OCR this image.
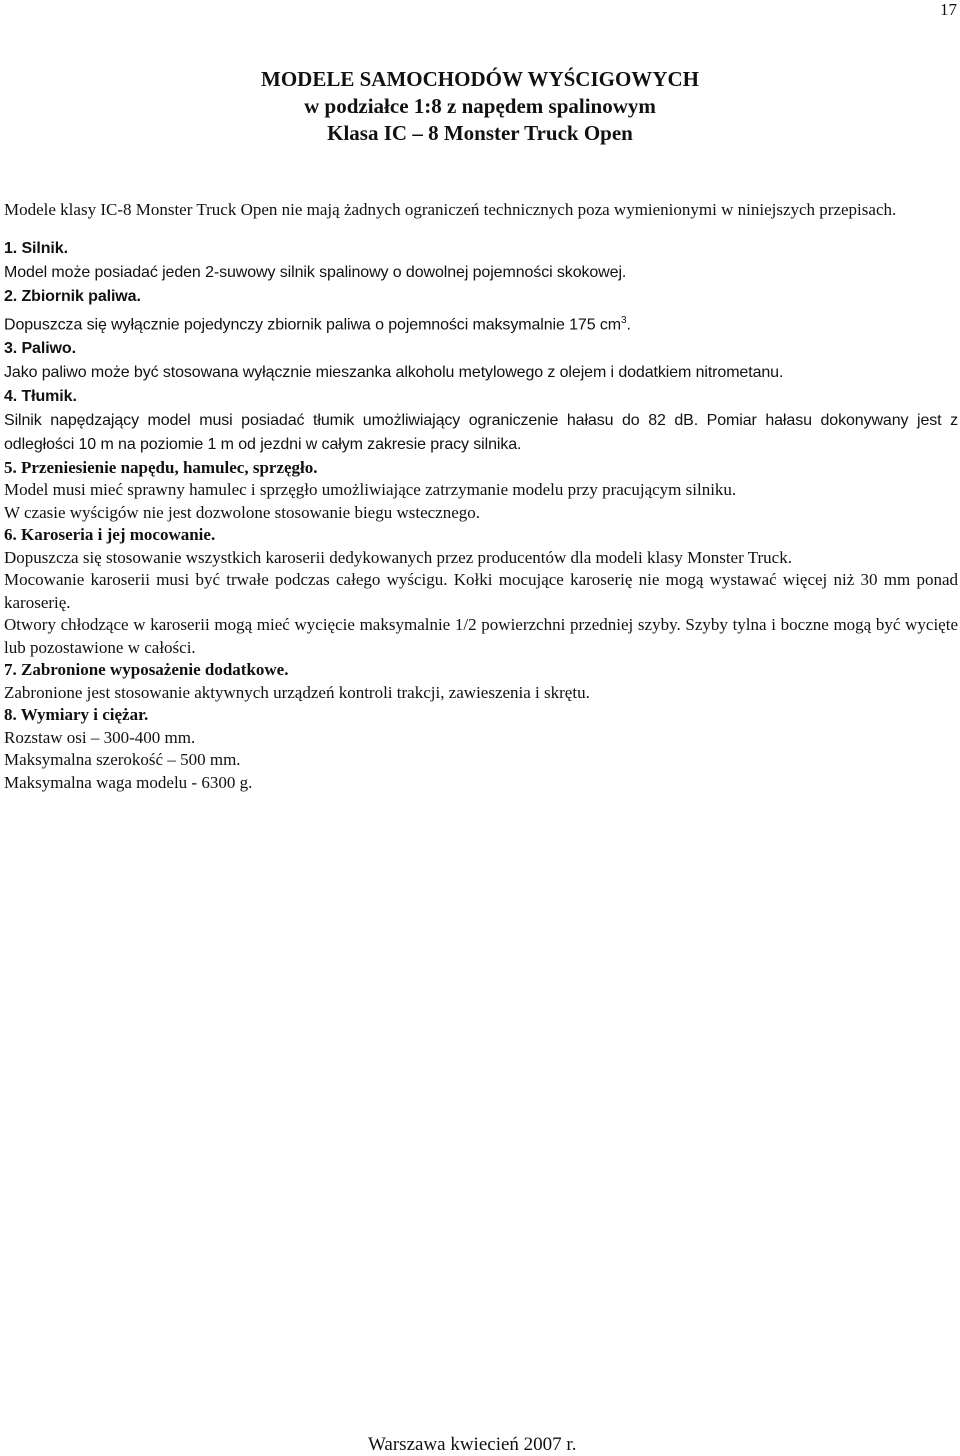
17
MODELE SAMOCHODÓW WYŚCIGOWYCH
w podziałce 1:8 z napędem spalinowym
Klasa IC – 8 Monster Truck Open

Modele klasy IC-8 Monster Truck Open nie mają żadnych ograniczeń technicznych poza wymienionymi w niniejszych przepisach.

1. Silnik.

Model może posiadać jeden 2-suwowy silnik spalinowy o dowolnej pojemności skokowej.

2. Zbiornik paliwa.

Dopuszcza się wyłącznie pojedynczy zbiornik paliwa o pojemności maksymalnie 175 $cm^3$.

3. Paliwo.

Jako paliwo może być stosowana wyłącznie mieszanka alkoholu metylowego z olejem i dodatkiem nitrometanu.

4. Tłumik.

Silnik napędzający model musi posiadać tłumik umożliwiający ograniczenie hałasu do 82 dB. Pomiar hałasu dokonywany jest z odległości 10 m na poziomie 1 m od jezdni w całym zakresie pracy silnika.

5. Przeniesienie napędu, hamulec, sprzęgło.

Model musi mieć sprawny hamulec i sprzęgło umożliwiające zatrzymanie modelu przy pracującym silniku.

W czasie wyścigów nie jest dozwolone stosowanie biegu wstecznego.

6. Karoseria i jej mocowanie.

Dopuszcza się stosowanie wszystkich karoserii dedykowanych przez producentów dla modeli klasy Monster Truck.

Mocowanie karoserii musi być trwałe podczas całego wyścigu. Kołki mocujące karoserię nie mogą wystawać więcej niż 30 mm ponad karoserię.

Otwory chłodzące w karoserii mogą mieć wycięcie maksymalnie 1/2 powierzchni przedniej szyby. Szyby tylna i boczne mogą być wycięte lub pozostawione w całości.

7. Zabronione wyposażenie dodatkowe.

Zabronione jest stosowanie aktywnych urządzeń kontroli trakcji, zawieszenia i skrętu.

8. Wymiary i ciężar.

Rozstaw osi – 300-400 mm.

Maksymalna szerokość – 500 mm.

Maksymalna waga modelu - 6300 g.

Warszawa kwiecień 2007 r.
